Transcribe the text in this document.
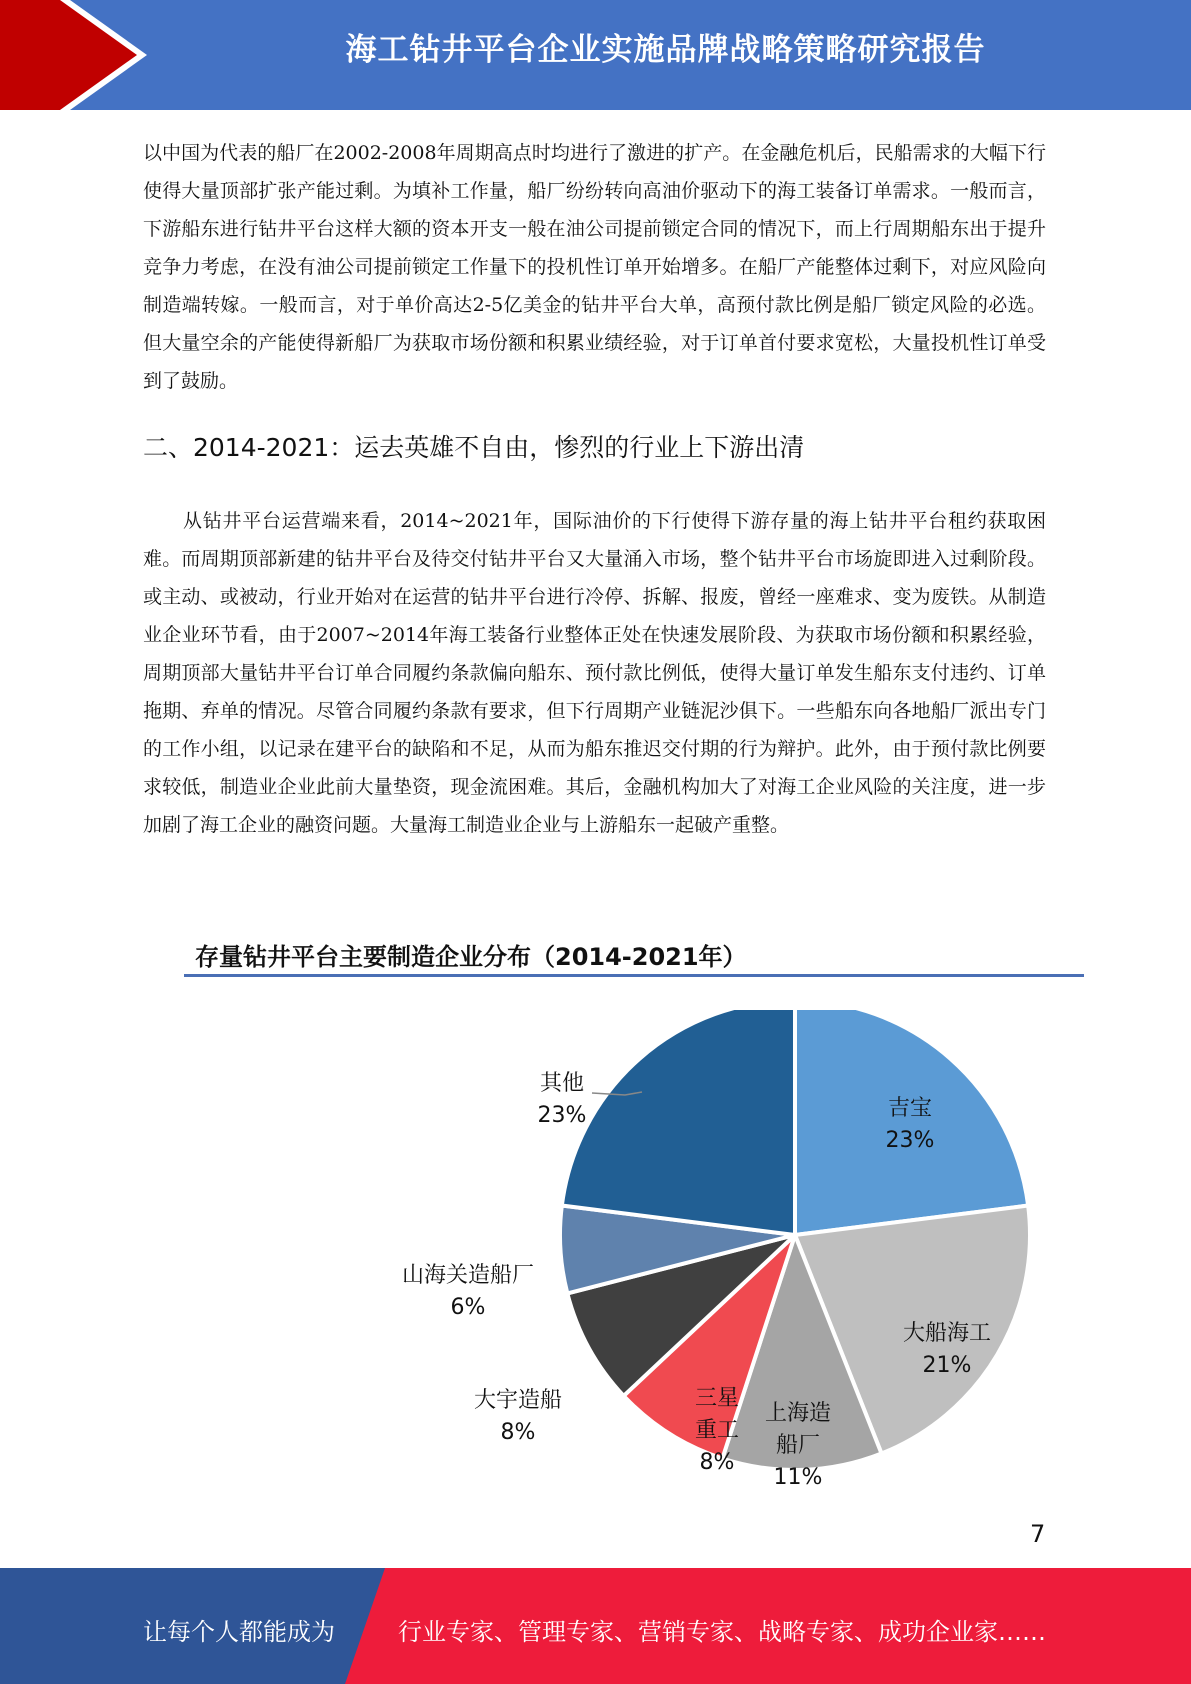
海工钻井平台企业实施品牌战略策略研究报告

以中国为代表的船厂在2002-2008年周期高点时均进行了激进的扩产。在金融危机后，民船需求的大幅下行使得大量顶部扩张产能过剩。为填补工作量，船厂纷纷转向高油价驱动下的海工装备订单需求。一般而言，下游船东进行钻井平台这样大额的资本开支一般在油公司提前锁定合同的情况下，而上行周期船东出于提升竞争力考虑，在没有油公司提前锁定工作量下的投机性订单开始增多。在船厂产能整体过剩下，对应风险向制造端转嫁。一般而言，对于单价高达2-5亿美金的钻井平台大单，高预付款比例是船厂锁定风险的必选。但大量空余的产能使得新船厂为获取市场份额和积累业绩经验，对于订单首付要求宽松，大量投机性订单受到了鼓励。

二、2014-2021：运去英雄不自由，惨烈的行业上下游出清

从钻井平台运营端来看，2014~2021年，国际油价的下行使得下游存量的海上钻井平台租约获取困难。而周期顶部新建的钻井平台及待交付钻井平台又大量涌入市场，整个钻井平台市场旋即进入过剩阶段。或主动、或被动，行业开始对在运营的钻井平台进行冷停、拆解、报废，曾经一座难求、变为废铁。从制造业企业环节看，由于2007~2014年海工装备行业整体正处在快速发展阶段、为获取市场份额和积累经验，周期顶部大量钻井平台订单合同履约条款偏向船东、预付款比例低，使得大量订单发生船东支付违约、订单拖期、弃单的情况。尽管合同履约条款有要求，但下行周期产业链泥沙俱下。一些船东向各地船厂派出专门的工作小组，以记录在建平台的缺陷和不足，从而为船东推迟交付期的行为辩护。此外，由于预付款比例要求较低，制造业企业此前大量垫资，现金流困难。其后，金融机构加大了对海工企业风险的关注度，进一步加剧了海工企业的融资问题。大量海工制造业企业与上游船东一起破产重整。

存量钻井平台主要制造企业分布（2014-2021年）
吉宝
23%
大船海工
21%
上海造
船厂
11%
三星
重工
8%
大宇造船
8%
山海关造船厂
6%
其他
23%
7
让每个人都能成为	行业专家、管理专家、营销专家、战略专家、成功企业家……
